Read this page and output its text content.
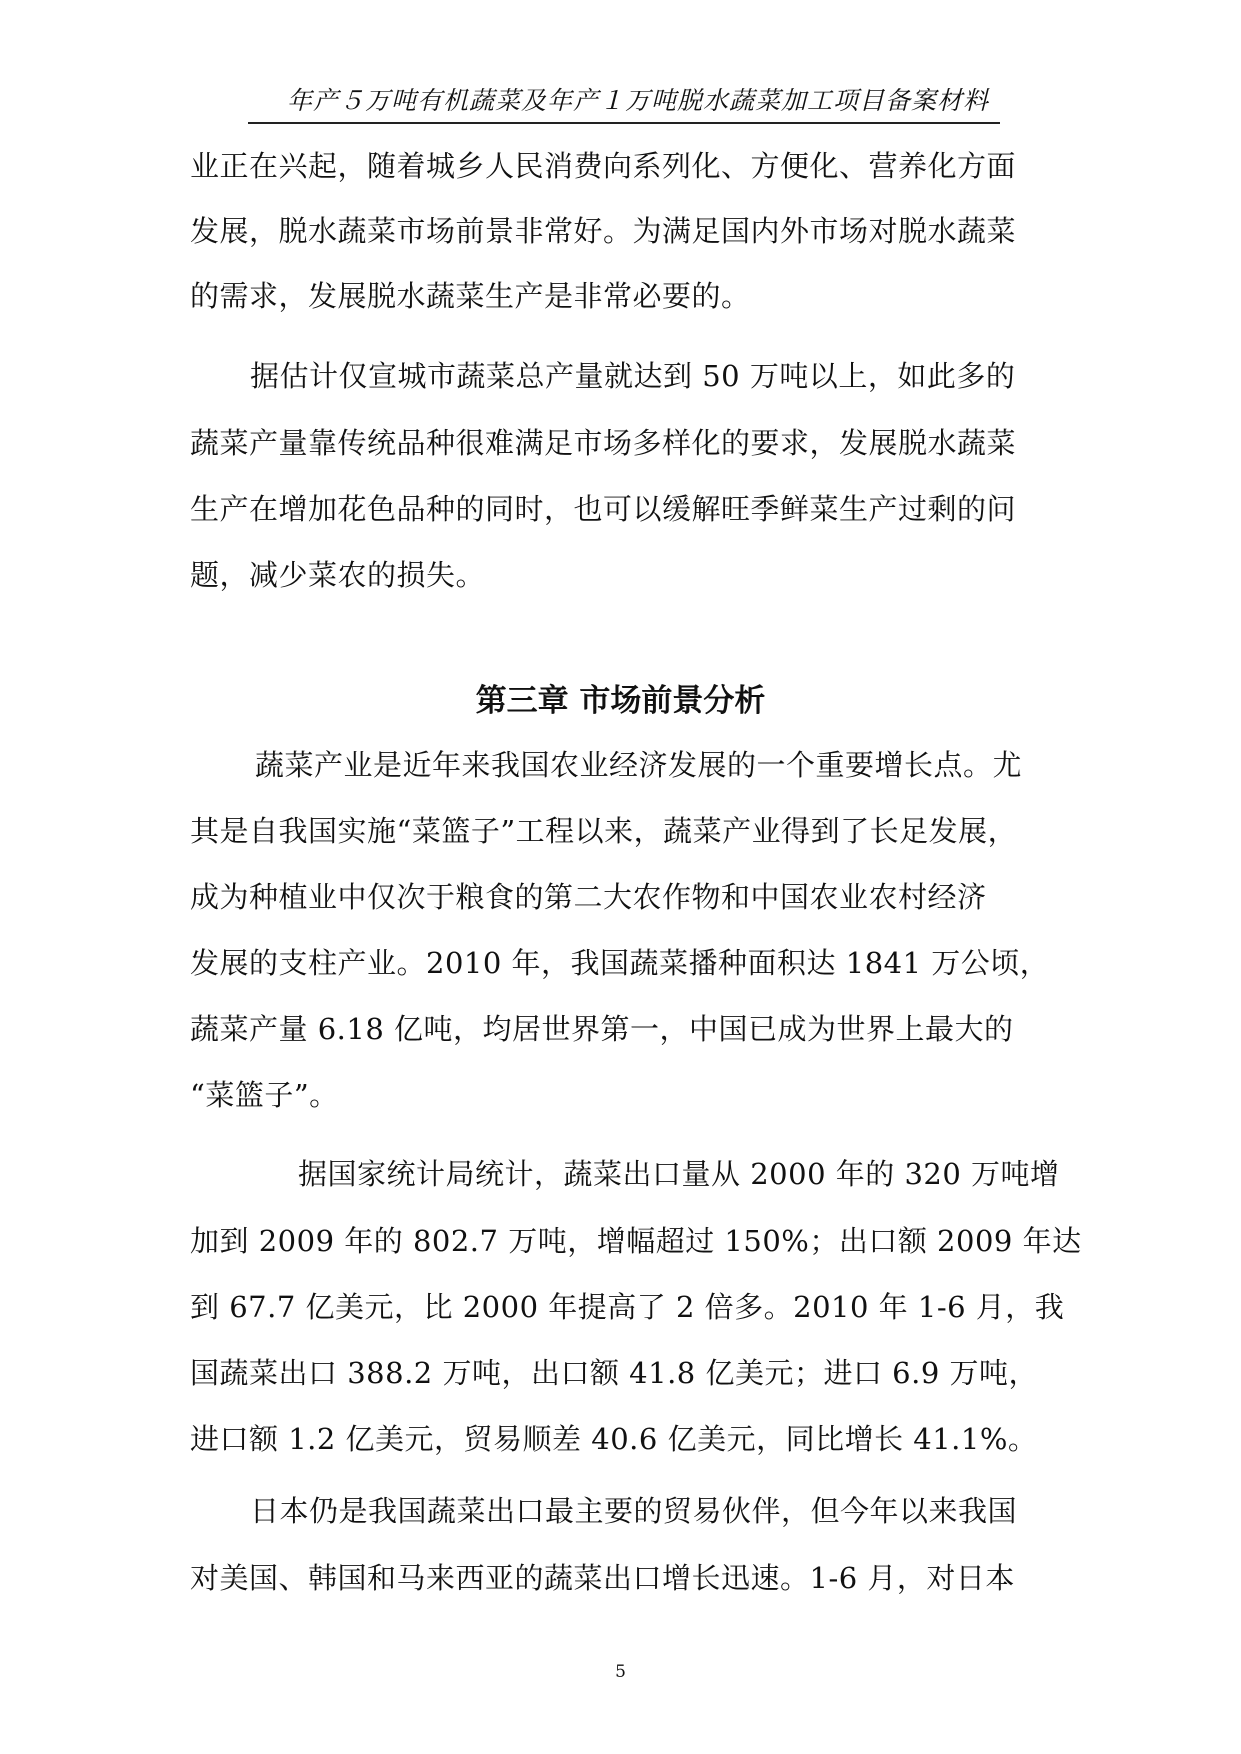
年产５万吨有机蔬菜及年产１万吨脱水蔬菜加工项目备案材料
业正在兴起，随着城乡人民消费向系列化、方便化、营养化方面
发展，脱水蔬菜市场前景非常好。为满足国内外市场对脱水蔬菜
的需求，发展脱水蔬菜生产是非常必要的。
据估计仅宣城市蔬菜总产量就达到 50 万吨以上，如此多的
蔬菜产量靠传统品种很难满足市场多样化的要求，发展脱水蔬菜
生产在增加花色品种的同时，也可以缓解旺季鲜菜生产过剩的问
题，减少菜农的损失。
第三章 市场前景分析
蔬菜产业是近年来我国农业经济发展的一个重要增长点。尤
其是自我国实施“菜篮子”工程以来，蔬菜产业得到了长足发展，
成为种植业中仅次于粮食的第二大农作物和中国农业农村经济
发展的支柱产业。2010 年，我国蔬菜播种面积达 1841 万公顷，
蔬菜产量 6.18 亿吨，均居世界第一，中国已成为世界上最大的
“菜篮子”。
据国家统计局统计，蔬菜出口量从 2000 年的 320 万吨增
加到 2009 年的 802.7 万吨，增幅超过 150%；出口额 2009 年达
到 67.7 亿美元，比 2000 年提高了 2 倍多。2010 年 1-6 月，我
国蔬菜出口 388.2 万吨，出口额 41.8 亿美元；进口 6.9 万吨，
进口额 1.2 亿美元，贸易顺差 40.6 亿美元，同比增长 41.1%。
日本仍是我国蔬菜出口最主要的贸易伙伴，但今年以来我国
对美国、韩国和马来西亚的蔬菜出口增长迅速。1-6 月，对日本
5
